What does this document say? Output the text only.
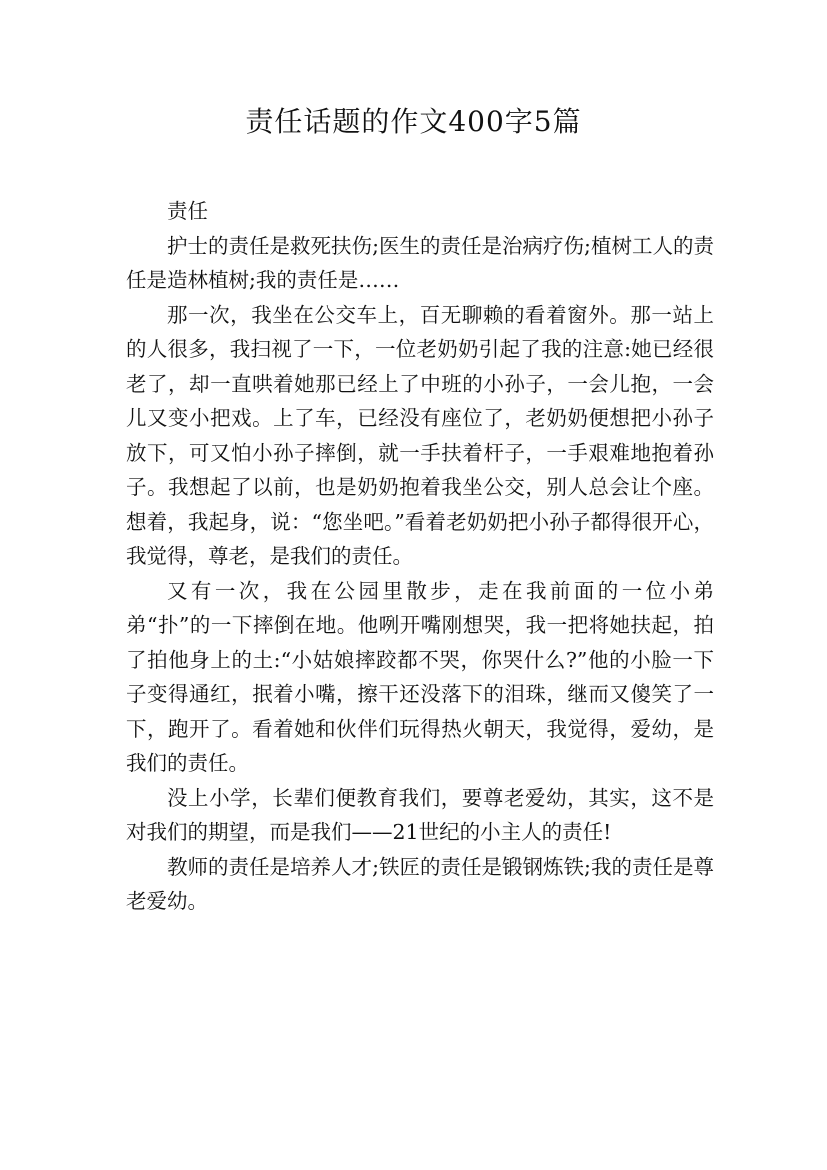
责任话题的作文400字5篇

责任

护士的责任是救死扶伤;医生的责任是治病疗伤;植树工人的责任是造林植树;我的责任是……

那一次，我坐在公交车上，百无聊赖的看着窗外。那一站上的人很多，我扫视了一下，一位老奶奶引起了我的注意:她已经很老了，却一直哄着她那已经上了中班的小孙子，一会儿抱，一会儿又变小把戏。上了车，已经没有座位了，老奶奶便想把小孙子放下，可又怕小孙子摔倒，就一手扶着杆子，一手艰难地抱着孙子。我想起了以前，也是奶奶抱着我坐公交，别人总会让个座。想着，我起身，说：“您坐吧。”看着老奶奶把小孙子都得很开心，我觉得，尊老，是我们的责任。

又有一次，我在公园里散步，走在我前面的一位小弟弟“扑”的一下摔倒在地。他咧开嘴刚想哭，我一把将她扶起，拍了拍他身上的土:“小姑娘摔跤都不哭，你哭什么?”他的小脸一下子变得通红，抿着小嘴，擦干还没落下的泪珠，继而又傻笑了一下，跑开了。看着她和伙伴们玩得热火朝天，我觉得，爱幼，是我们的责任。

没上小学，长辈们便教育我们，要尊老爱幼，其实，这不是对我们的期望，而是我们——21世纪的小主人的责任!

教师的责任是培养人才;铁匠的责任是锻钢炼铁;我的责任是尊老爱幼。
